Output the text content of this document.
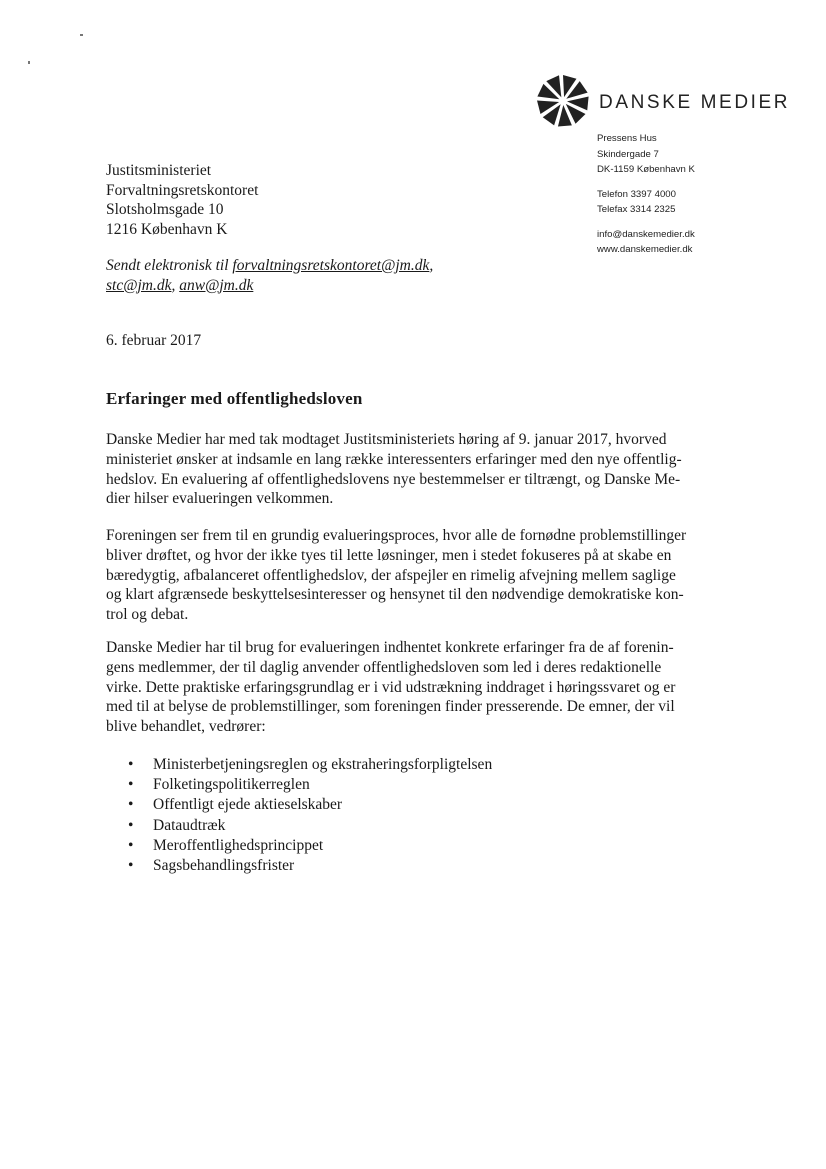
DANSKE MEDIER
Pressens Hus
Skindergade 7
DK-1159 København K
Telefon 3397 4000
Telefax 3314 2325
info@danskemedier.dk
www.danskemedier.dk
Justitsministeriet
Forvaltningsretskontoret
Slotsholmsgade 10
1216 København K
Sendt elektronisk til forvaltningsretskontoret@jm.dk,
stc@jm.dk, anw@jm.dk
6. februar 2017
Erfaringer med offentlighedsloven
Danske Medier har med tak modtaget Justitsministeriets høring af 9. januar 2017, hvorved
ministeriet ønsker at indsamle en lang række interessenters erfaringer med den nye offentlig-
hedslov. En evaluering af offentlighedslovens nye bestemmelser er tiltrængt, og Danske Me-
dier hilser evalueringen velkommen.
Foreningen ser frem til en grundig evalueringsproces, hvor alle de fornødne problemstillinger
bliver drøftet, og hvor der ikke tyes til lette løsninger, men i stedet fokuseres på at skabe en
bæredygtig, afbalanceret offentlighedslov, der afspejler en rimelig afvejning mellem saglige
og klart afgrænsede beskyttelsesinteresser og hensynet til den nødvendige demokratiske kon-
trol og debat.
Danske Medier har til brug for evalueringen indhentet konkrete erfaringer fra de af forenin-
gens medlemmer, der til daglig anvender offentlighedsloven som led i deres redaktionelle
virke. Dette praktiske erfaringsgrundlag er i vid udstrækning inddraget i høringssvaret og er
med til at belyse de problemstillinger, som foreningen finder presserende. De emner, der vil
blive behandlet, vedrører:
•	Ministerbetjeningsreglen og ekstraheringsforpligtelsen
•	Folketingspolitikerreglen
•	Offentligt ejede aktieselskaber
•	Dataudtræk
•	Meroffentlighedsprincippet
•	Sagsbehandlingsfrister
